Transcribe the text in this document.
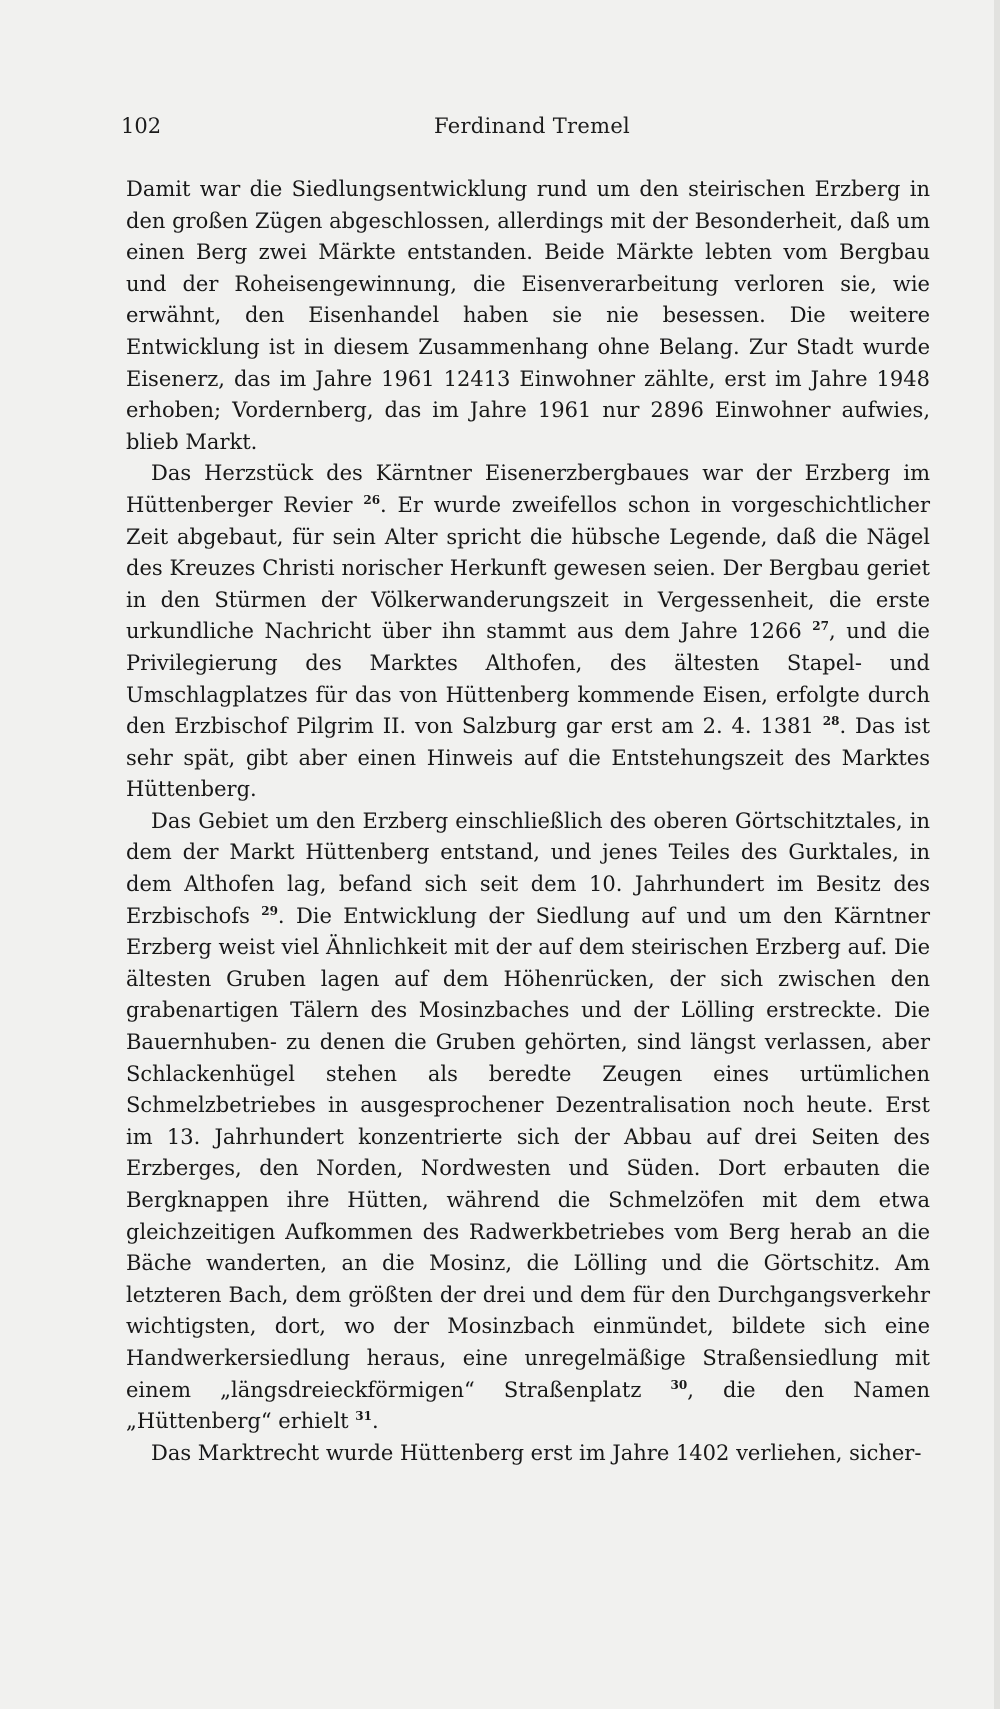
102	Ferdinand Tremel

Damit war die Siedlungsentwicklung rund um den steirischen Erzberg in den großen Zügen abgeschlossen, allerdings mit der Besonderheit, daß um einen Berg zwei Märkte entstanden. Beide Märkte lebten vom Bergbau und der Roheisengewinnung, die Eisenverarbeitung verloren sie, wie erwähnt, den Eisenhandel haben sie nie besessen. Die weitere Entwicklung ist in diesem Zusammenhang ohne Belang. Zur Stadt wurde Eisenerz, das im Jahre 1961 12413 Einwohner zählte, erst im Jahre 1948 erhoben; Vordernberg, das im Jahre 1961 nur 2896 Einwohner aufwies, blieb Markt.

Das Herzstück des Kärntner Eisenerzbergbaues war der Erzberg im Hüttenberger Revier $^{26}$. Er wurde zweifellos schon in vorgeschichtlicher Zeit abgebaut, für sein Alter spricht die hübsche Legende, daß die Nägel des Kreuzes Christi norischer Herkunft gewesen seien. Der Bergbau geriet in den Stürmen der Völkerwanderungszeit in Vergessenheit, die erste urkundliche Nachricht über ihn stammt aus dem Jahre 1266 $^{27}$, und die Privilegierung des Marktes Althofen, des ältesten Stapel- und Umschlagplatzes für das von Hüttenberg kommende Eisen, erfolgte durch den Erzbischof Pilgrim II. von Salzburg gar erst am 2. 4. 1381 $^{28}$. Das ist sehr spät, gibt aber einen Hinweis auf die Entstehungszeit des Marktes Hüttenberg.

Das Gebiet um den Erzberg einschließlich des oberen Görtschitztales, in dem der Markt Hüttenberg entstand, und jenes Teiles des Gurktales, in dem Althofen lag, befand sich seit dem 10. Jahrhundert im Besitz des Erzbischofs $^{29}$. Die Entwicklung der Siedlung auf und um den Kärntner Erzberg weist viel Ähnlichkeit mit der auf dem steirischen Erzberg auf. Die ältesten Gruben lagen auf dem Höhenrücken, der sich zwischen den grabenartigen Tälern des Mosinzbaches und der Lölling erstreckte. Die Bauernhuben- zu denen die Gruben gehörten, sind längst verlassen, aber Schlackenhügel stehen als beredte Zeugen eines urtümlichen Schmelzbetriebes in ausgesprochener Dezentralisation noch heute. Erst im 13. Jahrhundert konzentrierte sich der Abbau auf drei Seiten des Erzberges, den Norden, Nordwesten und Süden. Dort erbauten die Bergknappen ihre Hütten, während die Schmelzöfen mit dem etwa gleichzeitigen Aufkommen des Radwerkbetriebes vom Berg herab an die Bäche wanderten, an die Mosinz, die Lölling und die Görtschitz. Am letzteren Bach, dem größten der drei und dem für den Durchgangsverkehr wichtigsten, dort, wo der Mosinzbach einmündet, bildete sich eine Handwerkersiedlung heraus, eine unregelmäßige Straßensiedlung mit einem „längsdreieckförmigen“ Straßenplatz $^{30}$, die den Namen „Hüttenberg“ erhielt $^{31}$.

Das Marktrecht wurde Hüttenberg erst im Jahre 1402 verliehen, sicher-
